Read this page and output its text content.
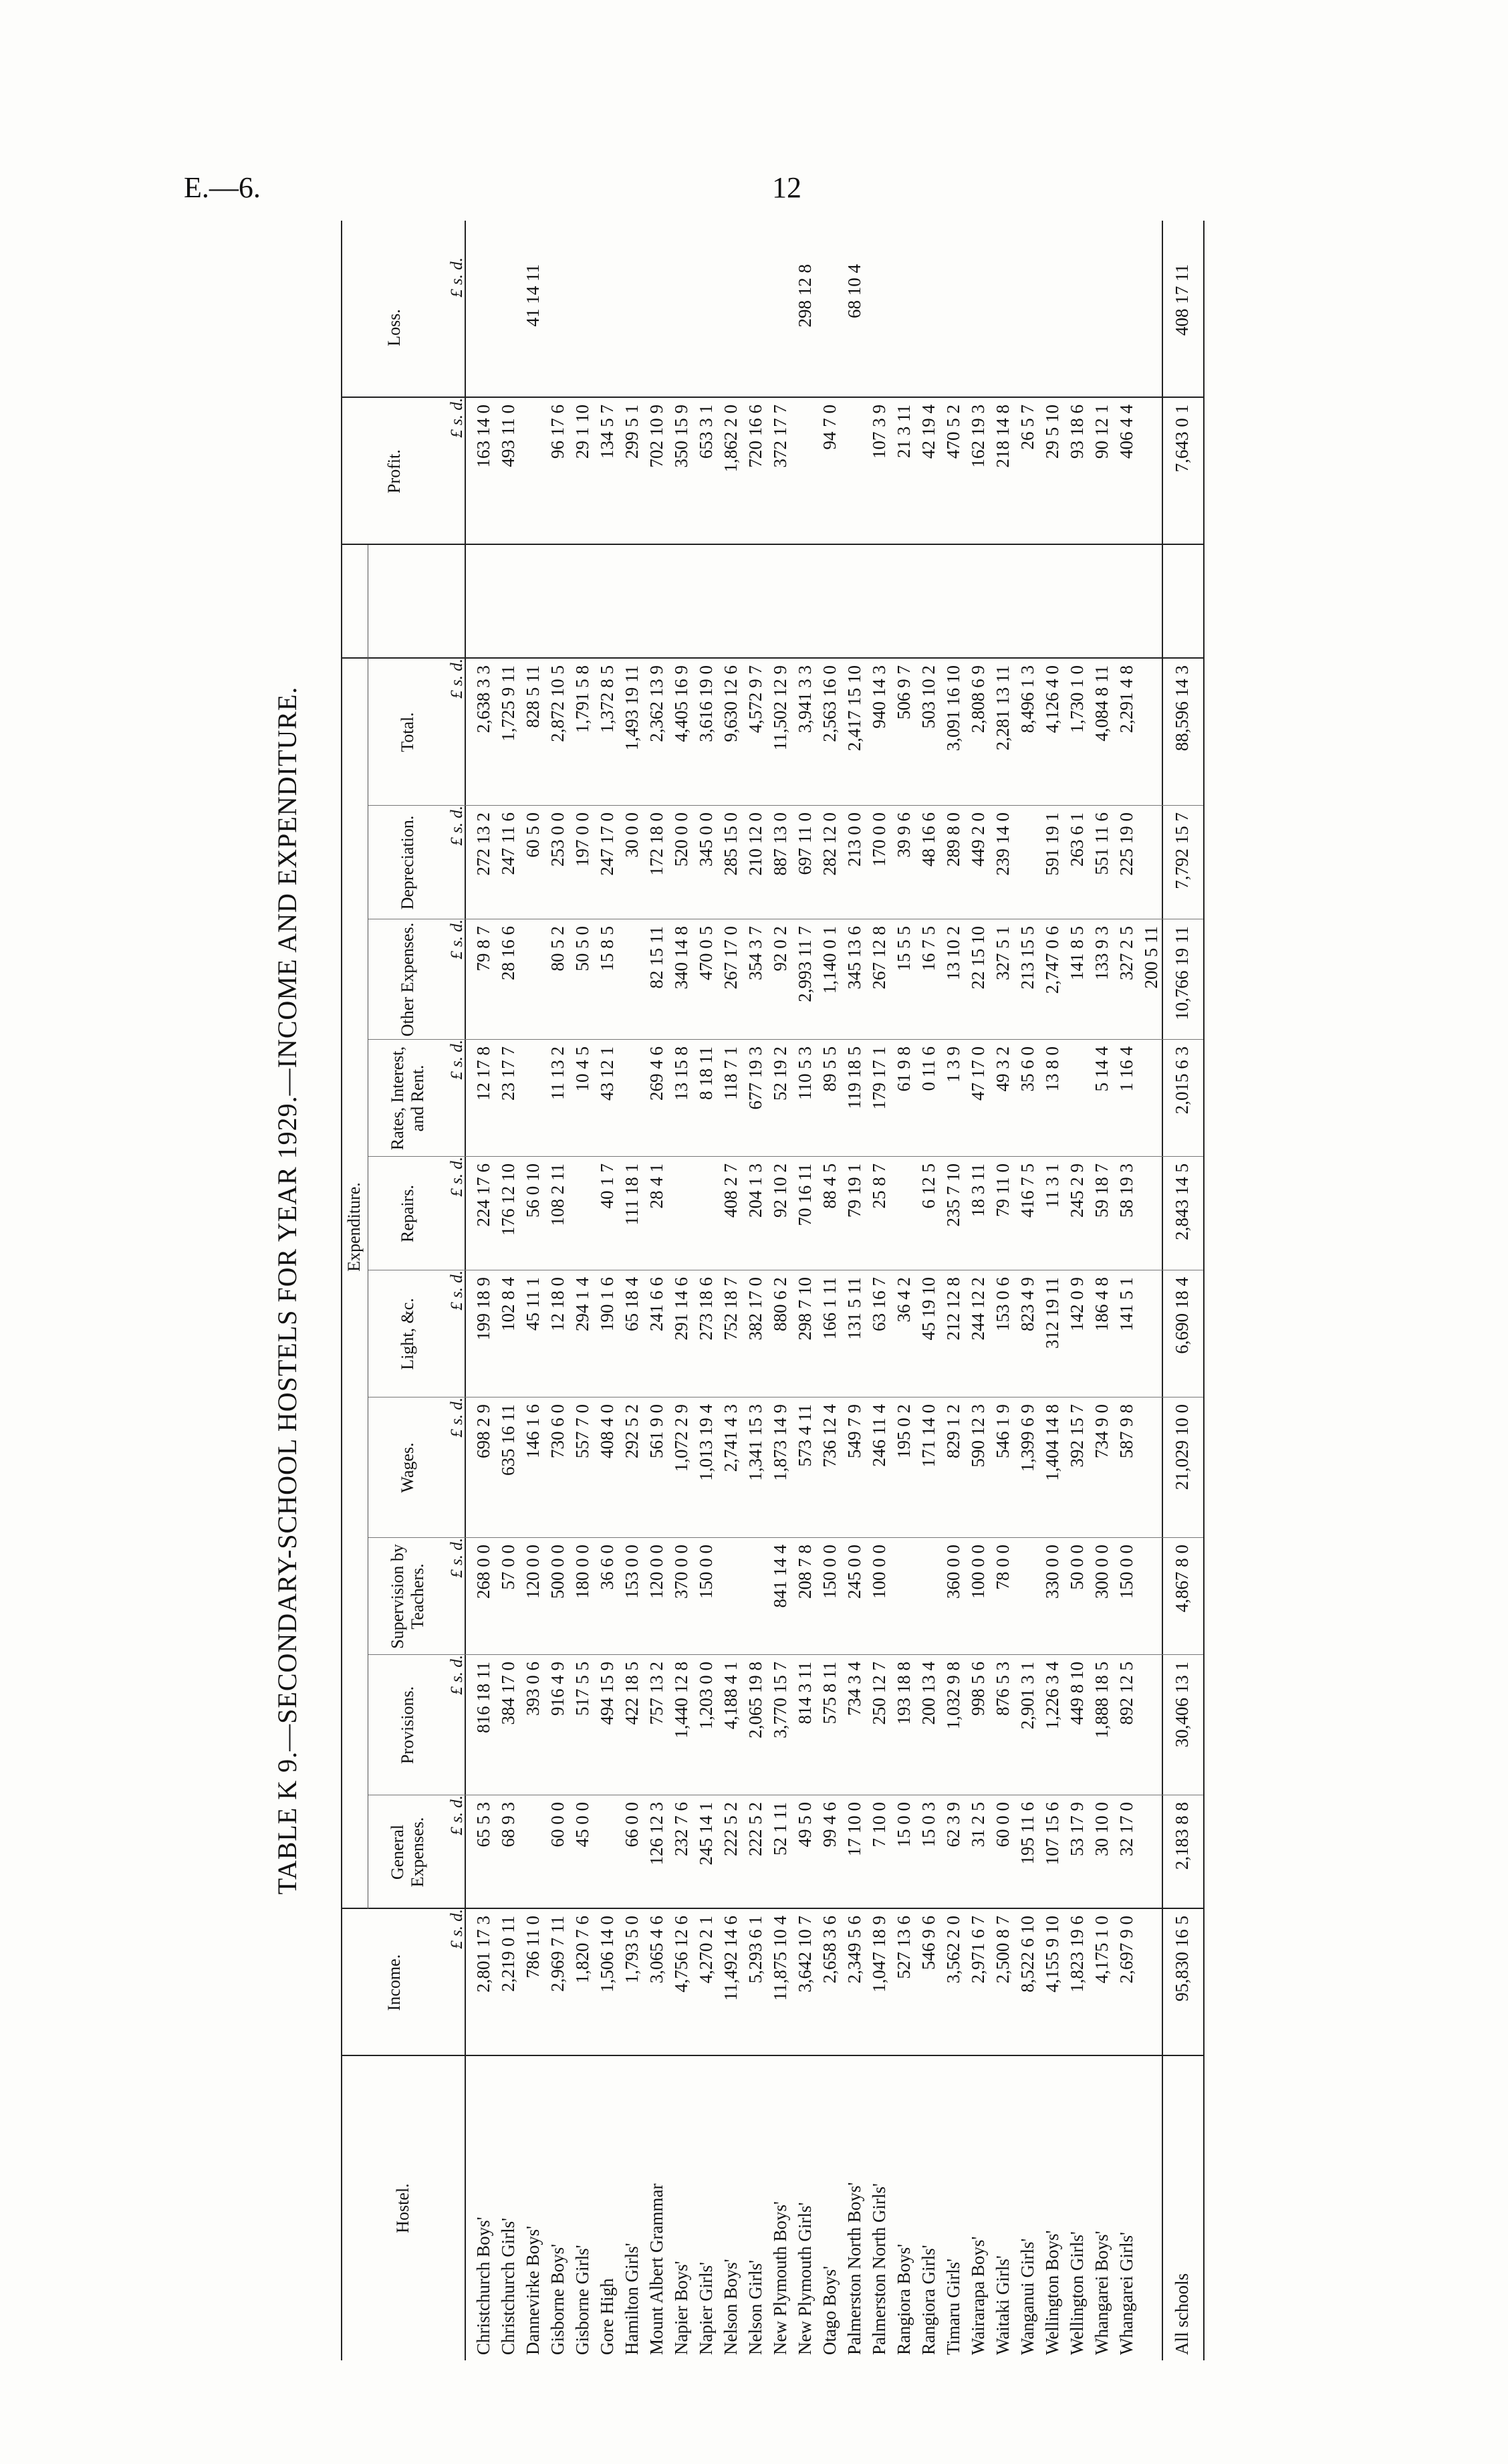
E.—6.	12
TABLE K 9.—SECONDARY-SCHOOL HOSTELS FOR YEAR 1929.—INCOME AND EXPENDITURE.
Hostel.
Income.
Expenditure.
General Expenses.
Provisions.
Supervision by Teachers.
Wages.
Light, &c.
Repairs.
Rates, Interest, and Rent.
Other Expenses.
Depreciation.
Total.
Profit.
Loss.
£ s. d.
£ s. d.
£ s. d.
£ s. d.
£ s. d.
£ s. d.
£ s. d.
£ s. d.
£ s. d.
£ s. d.
£ s. d.
£ s. d.
£ s. d.
Christchurch Boys'
2,801 17 3
65 5 3
816 18 11
268 0 0
698 2 9
199 18 9
224 17 6
12 17 8
79 8 7
272 13 2
2,638 3 3
163 14 0
Christchurch Girls'
2,219 0 11
68 9 3
384 17 0
57 0 0
635 16 11
102 8 4
176 12 10
23 17 7
28 16 6
247 11 6
1,725 9 11
493 11 0
Dannevirke Boys'
786 11 0
393 0 6
120 0 0
146 1 6
45 11 1
56 0 10
60 5 0
828 5 11
41 14 11
Gisborne Boys'
2,969 7 11
60 0 0
916 4 9
500 0 0
730 6 0
12 18 0
108 2 11
11 13 2
80 5 2
253 0 0
2,872 10 5
96 17 6
Gisborne Girls'
1,820 7 6
45 0 0
517 5 5
180 0 0
557 7 0
294 1 4
10 4 5
50 5 0
197 0 0
1,791 5 8
29 1 10
Gore High
1,506 14 0
494 15 9
36 6 0
408 4 0
190 1 6
40 1 7
43 12 1
15 8 5
247 17 0
1,372 8 5
134 5 7
Hamilton Girls'
1,793 5 0
66 0 0
422 18 5
153 0 0
292 5 2
65 18 4
111 18 1
30 0 0
1,493 19 11
299 5 1
Mount Albert Grammar
3,065 4 6
126 12 3
757 13 2
120 0 0
561 9 0
241 6 6
28 4 1
269 4 6
82 15 11
172 18 0
2,362 13 9
702 10 9
Napier Boys'
4,756 12 6
232 7 6
1,440 12 8
370 0 0
1,072 2 9
291 14 6
13 15 8
340 14 8
520 0 0
4,405 16 9
350 15 9
Napier Girls'
4,270 2 1
245 14 1
1,203 0 0
150 0 0
1,013 19 4
273 18 6
8 18 11
470 0 5
345 0 0
3,616 19 0
653 3 1
Nelson Boys'
11,492 14 6
222 5 2
4,188 4 1
2,741 4 3
752 18 7
408 2 7
118 7 1
267 17 0
285 15 0
9,630 12 6
1,862 2 0
Nelson Girls'
5,293 6 1
222 5 2
2,065 19 8
1,341 15 3
382 17 0
204 1 3
677 19 3
354 3 7
210 12 0
4,572 9 7
720 16 6
New Plymouth Boys'
11,875 10 4
52 1 11
3,770 15 7
841 14 4
1,873 14 9
880 6 2
92 10 2
52 19 2
92 0 2
887 13 0
11,502 12 9
372 17 7
New Plymouth Girls'
3,642 10 7
49 5 0
814 3 11
208 7 8
573 4 11
298 7 10
70 16 11
110 5 3
2,993 11 7
697 11 0
3,941 3 3
298 12 8
Otago Boys'
2,658 3 6
99 4 6
575 8 11
150 0 0
736 12 4
166 1 11
88 4 5
89 5 5
1,140 0 1
282 12 0
2,563 16 0
94 7 0
Palmerston North Boys'
2,349 5 6
17 10 0
734 3 4
245 0 0
549 7 9
131 5 11
79 19 1
119 18 5
345 13 6
213 0 0
2,417 15 10
68 10 4
Palmerston North Girls'
1,047 18 9
7 10 0
250 12 7
100 0 0
246 11 4
63 16 7
25 8 7
179 17 1
267 12 8
170 0 0
940 14 3
107 3 9
Rangiora Boys'
527 13 6
15 0 0
193 18 8
195 0 2
36 4 2
61 9 8
15 5 5
39 9 6
506 9 7
21 3 11
Rangiora Girls'
546 9 6
15 0 3
200 13 4
171 14 0
45 19 10
6 12 5
0 11 6
16 7 5
48 16 6
503 10 2
42 19 4
Timaru Girls'
3,562 2 0
62 3 9
1,032 9 8
360 0 0
829 1 2
212 12 8
235 7 10
1 3 9
13 10 2
289 8 0
3,091 16 10
470 5 2
Wairarapa Boys'
2,971 6 7
31 2 5
998 5 6
100 0 0
590 12 3
244 12 2
18 3 11
47 17 0
22 15 10
449 2 0
2,808 6 9
162 19 3
Waitaki Girls'
2,500 8 7
60 0 0
876 5 3
78 0 0
546 1 9
153 0 6
79 11 0
49 3 2
327 5 1
239 14 0
2,281 13 11
218 14 8
Wanganui Girls'
8,522 6 10
195 11 6
2,901 3 1
1,399 6 9
823 4 9
416 7 5
35 6 0
213 15 5
8,496 1 3
26 5 7
Wellington Boys'
4,155 9 10
107 15 6
1,226 3 4
330 0 0
1,404 14 8
312 19 11
11 3 1
13 8 0
2,747 0 6
591 19 1
4,126 4 0
29 5 10
Wellington Girls'
1,823 19 6
53 17 9
449 8 10
50 0 0
392 15 7
142 0 9
245 2 9
141 8 5
263 6 1
1,730 1 0
93 18 6
Whangarei Boys'
4,175 1 0
30 10 0
1,888 18 5
300 0 0
734 9 0
186 4 8
59 18 7
5 14 4
133 9 3
551 11 6
4,084 8 11
90 12 1
Whangarei Girls'
2,697 9 0
32 17 0
892 12 5
150 0 0
587 9 8
141 5 1
58 19 3
1 16 4
327 2 5
225 19 0
2,291 4 8
406 4 4
200 5 11
All schools
95,830 16 5
2,183 8 8
30,406 13 1
4,867 8 0
21,029 10 0
6,690 18 4
2,843 14 5
2,015 6 3
10,766 19 11
7,792 15 7
88,596 14 3
7,643 0 1
408 17 11
